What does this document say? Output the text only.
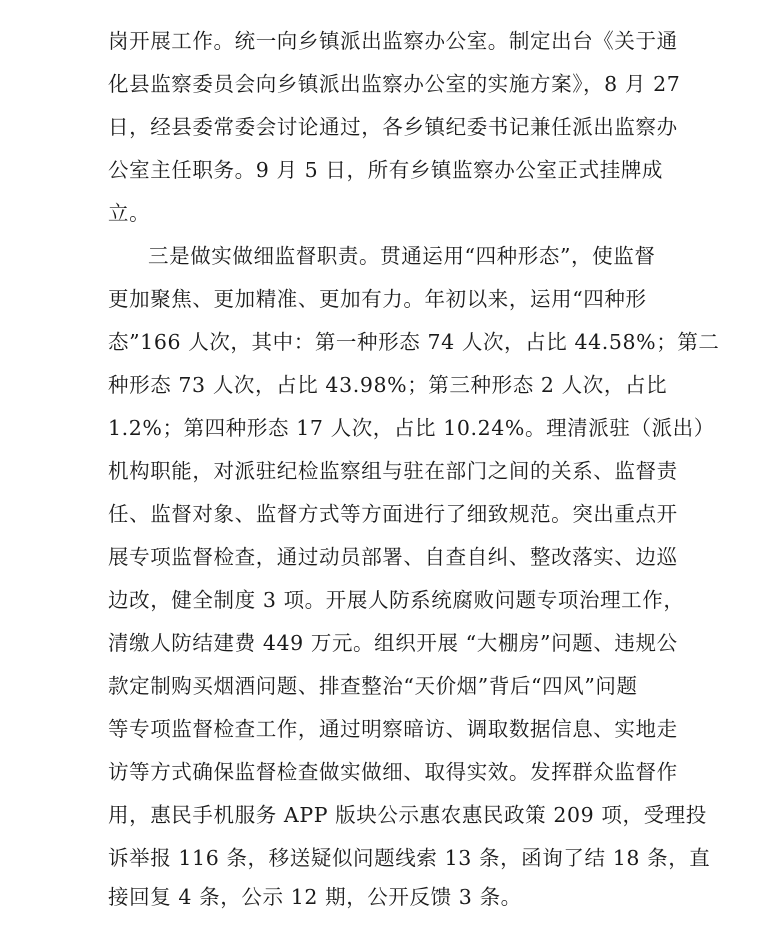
岗开展工作。统一向乡镇派出监察办公室。制定出台《关于通

化县监察委员会向乡镇派出监察办公室的实施方案》，8 月 27

日，经县委常委会讨论通过，各乡镇纪委书记兼任派出监察办

公室主任职务。9 月 5 日，所有乡镇监察办公室正式挂牌成

立。

三是做实做细监督职责。贯通运用“四种形态”，使监督

更加聚焦、更加精准、更加有力。年初以来，运用“四种形

态”166 人次，其中：第一种形态 74 人次，占比 44.58%；第二

种形态 73 人次，占比 43.98%；第三种形态 2 人次，占比

1.2%；第四种形态 17 人次，占比 10.24%。理清派驻（派出）

机构职能，对派驻纪检监察组与驻在部门之间的关系、监督责

任、监督对象、监督方式等方面进行了细致规范。突出重点开

展专项监督检查，通过动员部署、自查自纠、整改落实、边巡

边改，健全制度 3 项。开展人防系统腐败问题专项治理工作，

清缴人防结建费 449 万元。组织开展 “大棚房”问题、违规公

款定制购买烟酒问题、排查整治“天价烟”背后“四风”问题

等专项监督检查工作，通过明察暗访、调取数据信息、实地走

访等方式确保监督检查做实做细、取得实效。发挥群众监督作

用，惠民手机服务 APP 版块公示惠农惠民政策 209 项，受理投

诉举报 116 条，移送疑似问题线索 13 条，函询了结 18 条，直

接回复 4 条，公示 12 期，公开反馈 3 条。
